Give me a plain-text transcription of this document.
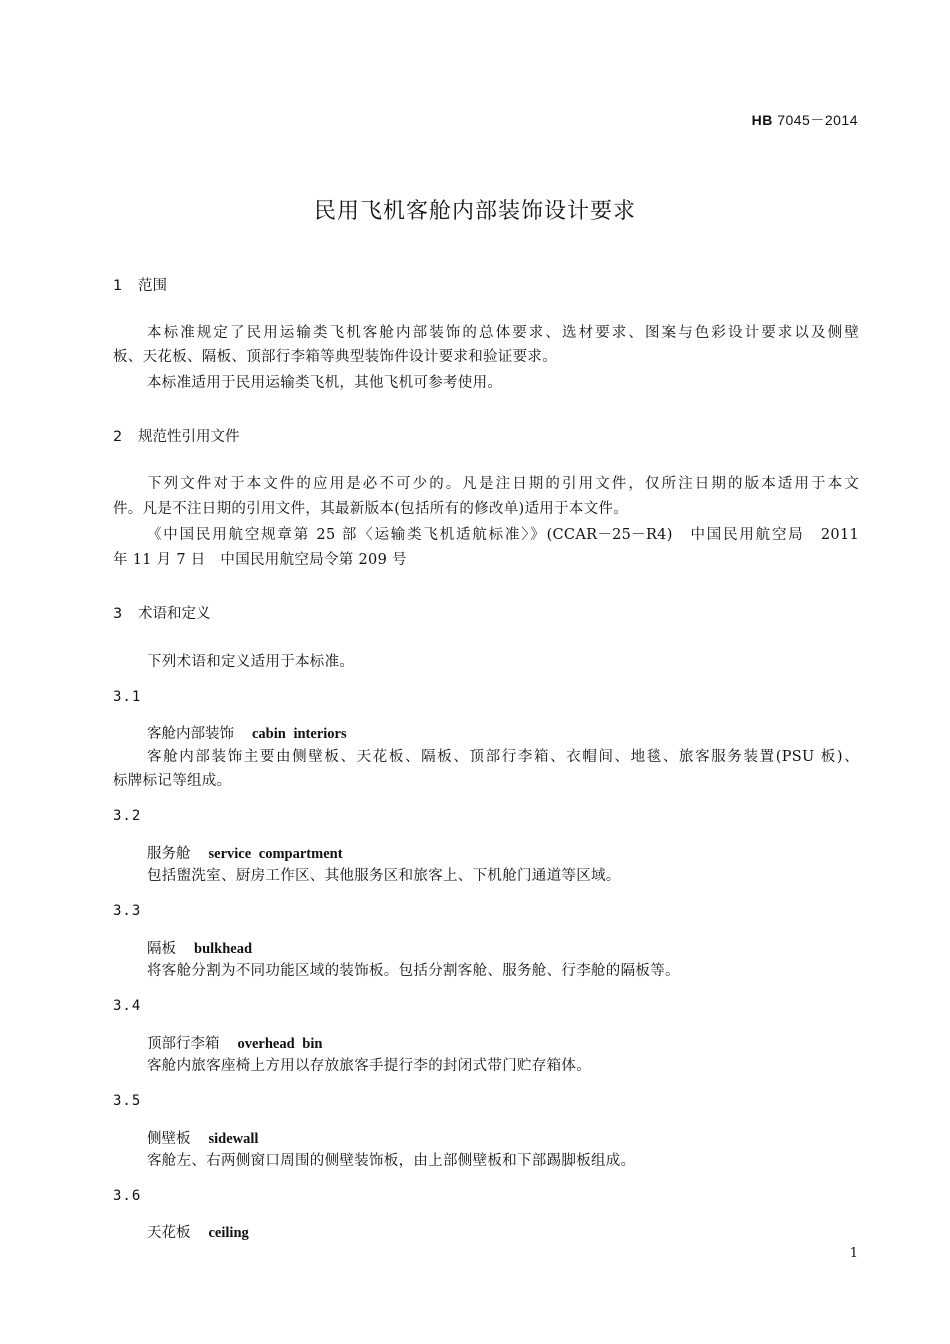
HB 7045－2014
民用飞机客舱内部装饰设计要求
1 范围
本标准规定了民用运输类飞机客舱内部装饰的总体要求、选材要求、图案与色彩设计要求以及侧壁
板、天花板、隔板、顶部行李箱等典型装饰件设计要求和验证要求。
本标准适用于民用运输类飞机，其他飞机可参考使用。
2 规范性引用文件
下列文件对于本文件的应用是必不可少的。凡是注日期的引用文件，仅所注日期的版本适用于本文
件。凡是不注日期的引用文件，其最新版本(包括所有的修改单)适用于本文件。
《中国民用航空规章第 25 部〈运输类飞机适航标准〉》(CCAR－25－R4)　中国民用航空局　2011
年 11 月 7 日　中国民用航空局令第 209 号
3 术语和定义
下列术语和定义适用于本标准。
3.1
客舱内部装饰 cabin interiors
客舱内部装饰主要由侧壁板、天花板、隔板、顶部行李箱、衣帽间、地毯、旅客服务装置(PSU 板)、
标牌标记等组成。
3.2
服务舱 service compartment
包括盥洗室、厨房工作区、其他服务区和旅客上、下机舱门通道等区域。
3.3
隔板 bulkhead
将客舱分割为不同功能区域的装饰板。包括分割客舱、服务舱、行李舱的隔板等。
3.4
顶部行李箱 overhead bin
客舱内旅客座椅上方用以存放旅客手提行李的封闭式带门贮存箱体。
3.5
侧壁板 sidewall
客舱左、右两侧窗口周围的侧壁装饰板，由上部侧壁板和下部踢脚板组成。
3.6
天花板 ceiling
1
